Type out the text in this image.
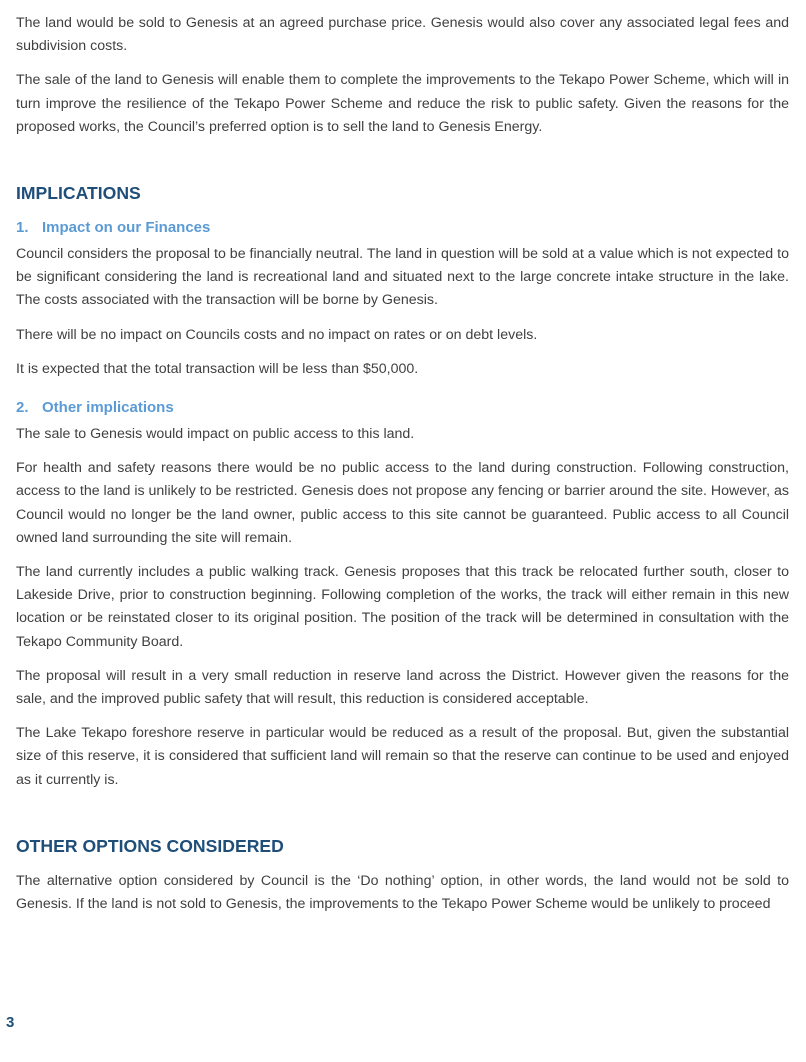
The land would be sold to Genesis at an agreed purchase price. Genesis would also cover any associated legal fees and subdivision costs.

The sale of the land to Genesis will enable them to complete the improvements to the Tekapo Power Scheme, which will in turn improve the resilience of the Tekapo Power Scheme and reduce the risk to public safety. Given the reasons for the proposed works, the Council’s preferred option is to sell the land to Genesis Energy.

IMPLICATIONS
1. Impact on our Finances

Council considers the proposal to be financially neutral. The land in question will be sold at a value which is not expected to be significant considering the land is recreational land and situated next to the large concrete intake structure in the lake. The costs associated with the transaction will be borne by Genesis.

There will be no impact on Councils costs and no impact on rates or on debt levels.

It is expected that the total transaction will be less than $50,000.

2. Other implications

The sale to Genesis would impact on public access to this land.

For health and safety reasons there would be no public access to the land during construction. Following construction, access to the land is unlikely to be restricted. Genesis does not propose any fencing or barrier around the site. However, as Council would no longer be the land owner, public access to this site cannot be guaranteed. Public access to all Council owned land surrounding the site will remain.

The land currently includes a public walking track. Genesis proposes that this track be relocated further south, closer to Lakeside Drive, prior to construction beginning. Following completion of the works, the track will either remain in this new location or be reinstated closer to its original position. The position of the track will be determined in consultation with the Tekapo Community Board.

The proposal will result in a very small reduction in reserve land across the District. However given the reasons for the sale, and the improved public safety that will result, this reduction is considered acceptable.

The Lake Tekapo foreshore reserve in particular would be reduced as a result of the proposal. But, given the substantial size of this reserve, it is considered that sufficient land will remain so that the reserve can continue to be used and enjoyed as it currently is.

OTHER OPTIONS CONSIDERED

The alternative option considered by Council is the ‘Do nothing’ option, in other words, the land would not be sold to Genesis. If the land is not sold to Genesis, the improvements to the Tekapo Power Scheme would be unlikely to proceed

3
